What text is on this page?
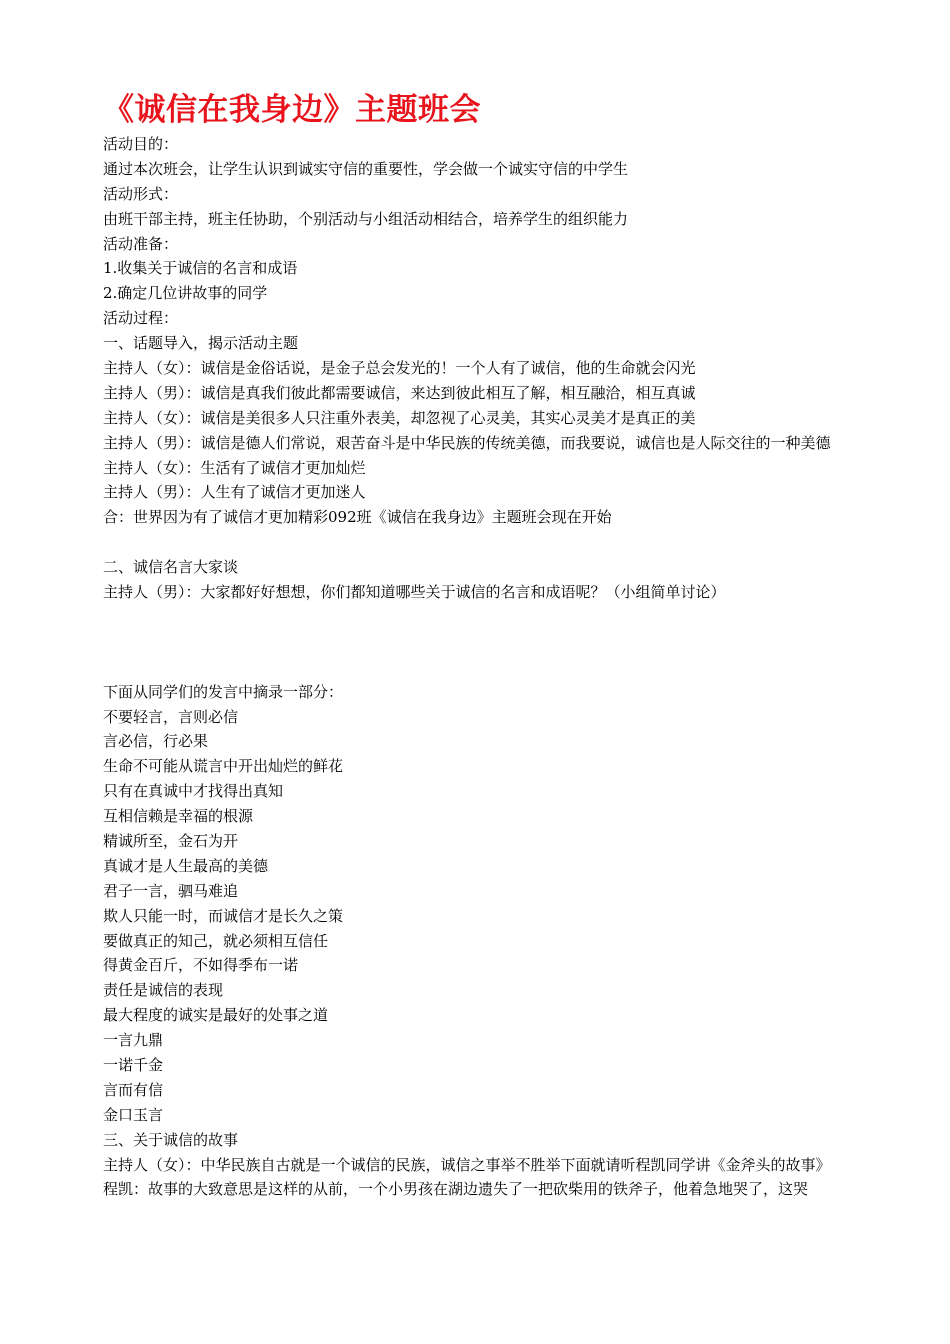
《诚信在我身边》主题班会
活动目的：
通过本次班会，让学生认识到诚实守信的重要性，学会做一个诚实守信的中学生
活动形式：
由班干部主持，班主任协助，个别活动与小组活动相结合，培养学生的组织能力
活动准备：
1.收集关于诚信的名言和成语
2.确定几位讲故事的同学
活动过程：
一、话题导入，揭示活动主题
主持人（女）：诚信是金俗话说，是金子总会发光的！一个人有了诚信，他的生命就会闪光
主持人（男）：诚信是真我们彼此都需要诚信，来达到彼此相互了解，相互融洽，相互真诚
主持人（女）：诚信是美很多人只注重外表美，却忽视了心灵美，其实心灵美才是真正的美
主持人（男）：诚信是德人们常说，艰苦奋斗是中华民族的传统美德，而我要说，诚信也是人际交往的一种美德
主持人（女）：生活有了诚信才更加灿烂
主持人（男）：人生有了诚信才更加迷人
合：世界因为有了诚信才更加精彩092班《诚信在我身边》主题班会现在开始
二、诚信名言大家谈
主持人（男）：大家都好好想想，你们都知道哪些关于诚信的名言和成语呢？（小组简单讨论）
下面从同学们的发言中摘录一部分：
不要轻言，言则必信
言必信，行必果
生命不可能从谎言中开出灿烂的鲜花
只有在真诚中才找得出真知
互相信赖是幸福的根源
精诚所至，金石为开
真诚才是人生最高的美德
君子一言，驷马难追
欺人只能一时，而诚信才是长久之策
要做真正的知己，就必须相互信任
得黄金百斤，不如得季布一诺
责任是诚信的表现
最大程度的诚实是最好的处事之道
一言九鼎
一诺千金
言而有信
金口玉言
三、关于诚信的故事
主持人（女）：中华民族自古就是一个诚信的民族，诚信之事举不胜举下面就请听程凯同学讲《金斧头的故事》
程凯：故事的大致意思是这样的从前，一个小男孩在湖边遗失了一把砍柴用的铁斧子，他着急地哭了，这哭
